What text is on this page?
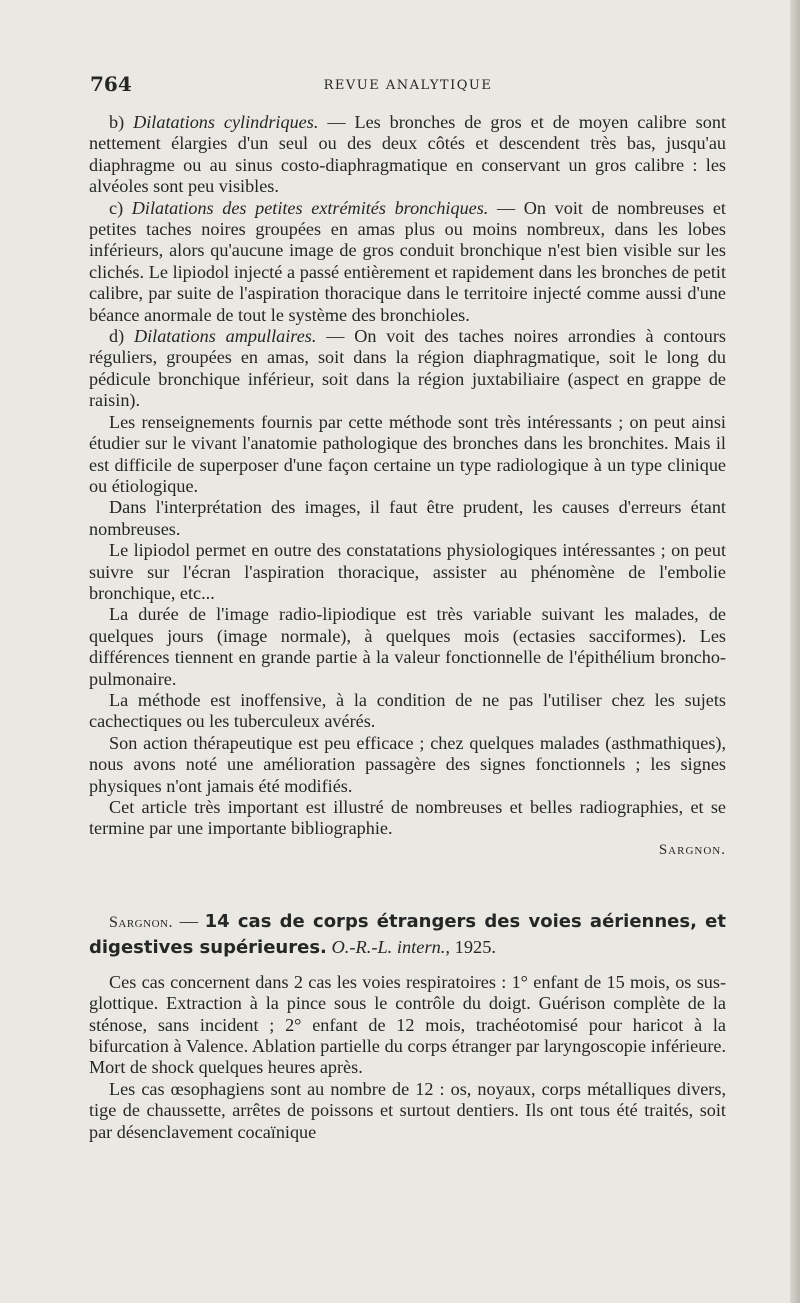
764	REVUE ANALYTIQUE

b) Dilatations cylindriques. — Les bronches de gros et de moyen calibre sont nettement élargies d'un seul ou des deux côtés et descendent très bas, jusqu'au diaphragme ou au sinus costo-diaphragmatique en conservant un gros calibre : les alvéoles sont peu visibles.

c) Dilatations des petites extrémités bronchiques. — On voit de nombreuses et petites taches noires groupées en amas plus ou moins nombreux, dans les lobes inférieurs, alors qu'aucune image de gros conduit bronchique n'est bien visible sur les clichés. Le lipiodol injecté a passé entièrement et rapidement dans les bronches de petit calibre, par suite de l'aspiration thoracique dans le territoire injecté comme aussi d'une béance anormale de tout le système des bronchioles.

d) Dilatations ampullaires. — On voit des taches noires arrondies à contours réguliers, groupées en amas, soit dans la région diaphragmatique, soit le long du pédicule bronchique inférieur, soit dans la région juxtabiliaire (aspect en grappe de raisin).

Les renseignements fournis par cette méthode sont très intéressants ; on peut ainsi étudier sur le vivant l'anatomie pathologique des bronches dans les bronchites. Mais il est difficile de superposer d'une façon certaine un type radiologique à un type clinique ou étiologique.

Dans l'interprétation des images, il faut être prudent, les causes d'erreurs étant nombreuses.

Le lipiodol permet en outre des constatations physiologiques intéressantes ; on peut suivre sur l'écran l'aspiration thoracique, assister au phénomène de l'embolie bronchique, etc...

La durée de l'image radio-lipiodique est très variable suivant les malades, de quelques jours (image normale), à quelques mois (ectasies sacciformes). Les différences tiennent en grande partie à la valeur fonctionnelle de l'épithélium broncho-pulmonaire.

La méthode est inoffensive, à la condition de ne pas l'utiliser chez les sujets cachectiques ou les tuberculeux avérés.

Son action thérapeutique est peu efficace ; chez quelques malades (asthmathiques), nous avons noté une amélioration passagère des signes fonctionnels ; les signes physiques n'ont jamais été modifiés.

Cet article très important est illustré de nombreuses et belles radiographies, et se termine par une importante bibliographie.

Sargnon.

Sargnon. — 14 cas de corps étrangers des voies aériennes, et digestives supérieures. O.-R.-L. intern., 1925.

Ces cas concernent dans 2 cas les voies respiratoires : 1° enfant de 15 mois, os sus-glottique. Extraction à la pince sous le contrôle du doigt. Guérison complète de la sténose, sans incident ; 2° enfant de 12 mois, trachéotomisé pour haricot à la bifurcation à Valence. Ablation partielle du corps étranger par laryngoscopie inférieure. Mort de shock quelques heures après.

Les cas œsophagiens sont au nombre de 12 : os, noyaux, corps métalliques divers, tige de chaussette, arrêtes de poissons et surtout dentiers. Ils ont tous été traités, soit par désenclavement cocaïnique
